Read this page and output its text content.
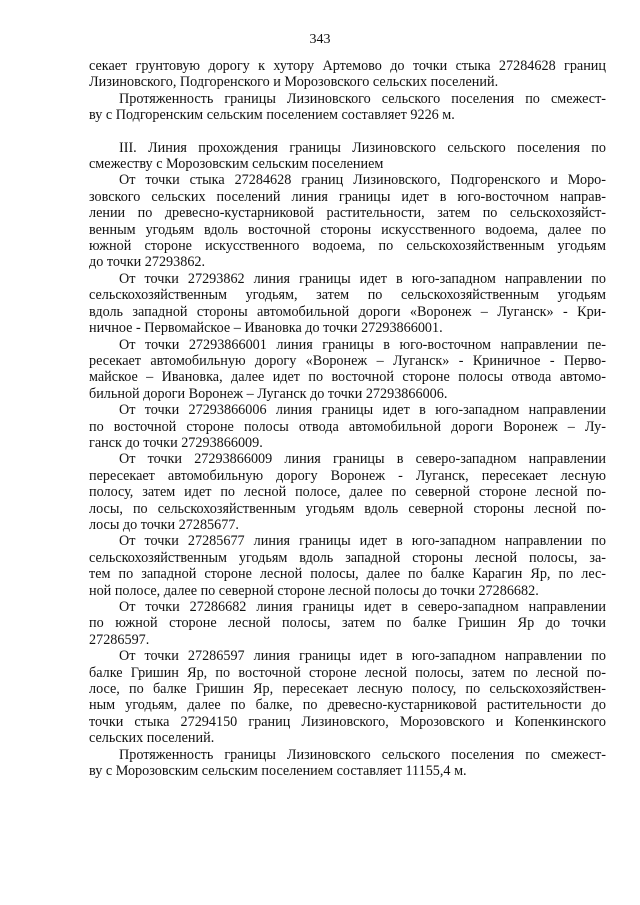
343
секает грунтовую дорогу к хутору Артемово до точки стыка 27284628 границ
Лизиновского, Подгоренского и Морозовского сельских поселений.
Протяженность границы Лизиновского сельского поселения по смежест-
ву с Подгоренским сельским поселением составляет 9226 м.
III. Линия прохождения границы Лизиновского сельского поселения по
смежеству с Морозовским сельским поселением
От точки стыка 27284628 границ Лизиновского, Подгоренского и Моро-
зовского сельских поселений линия границы идет в юго-восточном направ-
лении по древесно-кустарниковой растительности, затем по сельскохозяйст-
венным угодьям вдоль восточной стороны искусственного водоема, далее по
южной стороне искусственного водоема, по сельскохозяйственным угодьям
до точки 27293862.
От точки 27293862 линия границы идет в юго-западном направлении по
сельскохозяйственным угодьям, затем по сельскохозяйственным угодьям
вдоль западной стороны автомобильной дороги «Воронеж – Луганск» - Кри-
ничное - Первомайское – Ивановка до точки 27293866001.
От точки 27293866001 линия границы в юго-восточном направлении пе-
ресекает автомобильную дорогу «Воронеж – Луганск» - Криничное - Перво-
майское – Ивановка, далее идет по восточной стороне полосы отвода автомо-
бильной дороги Воронеж – Луганск до точки 27293866006.
От точки 27293866006 линия границы идет в юго-западном направлении
по восточной стороне полосы отвода автомобильной дороги Воронеж – Лу-
ганск до точки 27293866009.
От точки 27293866009 линия границы в северо-западном направлении
пересекает автомобильную дорогу Воронеж - Луганск, пересекает лесную
полосу, затем идет по лесной полосе, далее по северной стороне лесной по-
лосы, по сельскохозяйственным угодьям вдоль северной стороны лесной по-
лосы до точки 27285677.
От точки 27285677 линия границы идет в юго-западном направлении по
сельскохозяйственным угодьям вдоль западной стороны лесной полосы, за-
тем по западной стороне лесной полосы, далее по балке Карагин Яр, по лес-
ной полосе, далее по северной стороне лесной полосы до точки 27286682.
От точки 27286682 линия границы идет в северо-западном направлении
по южной стороне лесной полосы, затем по балке Гришин Яр до точки
27286597.
От точки 27286597 линия границы идет в юго-западном направлении по
балке Гришин Яр, по восточной стороне лесной полосы, затем по лесной по-
лосе, по балке Гришин Яр, пересекает лесную полосу, по сельскохозяйствен-
ным угодьям, далее по балке, по древесно-кустарниковой растительности до
точки стыка 27294150 границ Лизиновского, Морозовского и Копенкинского
сельских поселений.
Протяженность границы Лизиновского сельского поселения по смежест-
ву с Морозовским сельским поселением составляет 11155,4 м.
